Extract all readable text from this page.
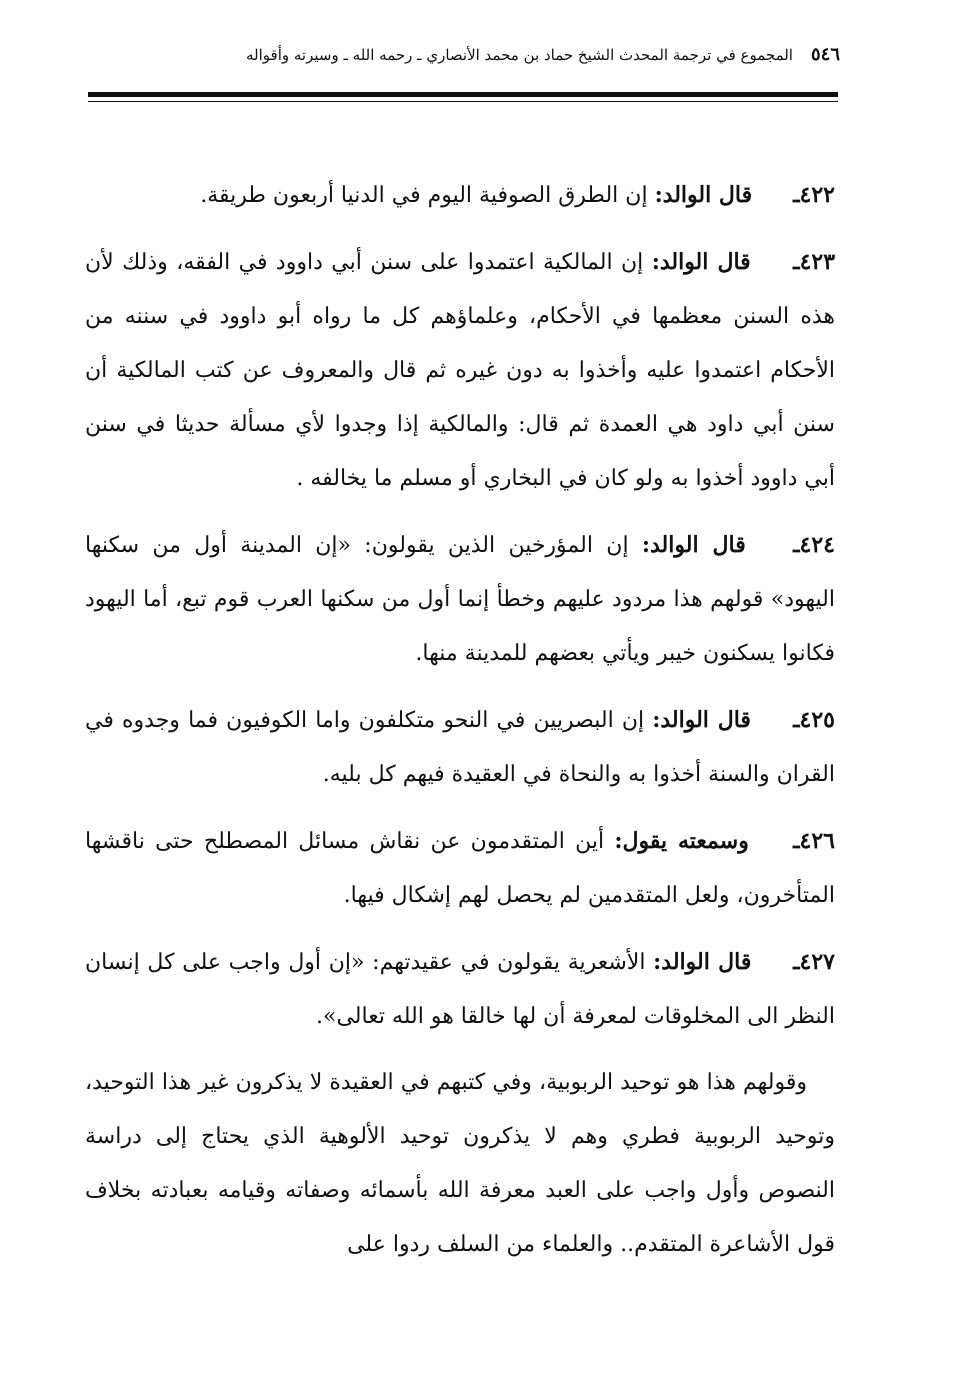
٥٤٦
المجموع في ترجمة المحدث الشيخ حماد بن محمد الأنصاري ـ رحمه الله ـ وسيرته وأقواله

٤٢٢ـ قال الوالد: إن الطرق الصوفية اليوم في الدنيا أربعون طريقة.

٤٢٣ـ قال الوالد: إن المالكية اعتمدوا على سنن أبي داوود في الفقه، وذلك لأن هذه السنن معظمها في الأحكام، وعلماؤهم كل ما رواه أبو داوود في سننه من الأحكام اعتمدوا عليه وأخذوا به دون غيره ثم قال والمعروف عن كتب المالكية أن سنن أبي داود هي العمدة ثم قال: والمالكية إذا وجدوا لأي مسألة حديثا في سنن أبي داوود أخذوا به ولو كان في البخاري أو مسلم ما يخالفه .

٤٢٤ـ قال الوالد: إن المؤرخين الذين يقولون: «إن المدينة أول من سكنها اليهود» قولهم هذا مردود عليهم وخطأ إنما أول من سكنها العرب قوم تبع، أما اليهود فكانوا يسكنون خيبر ويأتي بعضهم للمدينة منها.

٤٢٥ـ قال الوالد: إن البصريين في النحو متكلفون واما الكوفيون فما وجدوه في القران والسنة أخذوا به والنحاة في العقيدة فيهم كل بليه.

٤٢٦ـ وسمعته يقول: أين المتقدمون عن نقاش مسائل المصطلح حتى ناقشها المتأخرون، ولعل المتقدمين لم يحصل لهم إشكال فيها.

٤٢٧ـ قال الوالد: الأشعرية يقولون في عقيدتهم: «إن أول واجب على كل إنسان النظر الى المخلوقات لمعرفة أن لها خالقا هو الله تعالى».

وقولهم هذا هو توحيد الربوبية، وفي كتبهم في العقيدة لا يذكرون غير هذا التوحيد، وتوحيد الربوبية فطري وهم لا يذكرون توحيد الألوهية الذي يحتاج إلى دراسة النصوص وأول واجب على العبد معرفة الله بأسمائه وصفاته وقيامه بعبادته بخلاف قول الأشاعرة المتقدم.. والعلماء من السلف ردوا على
